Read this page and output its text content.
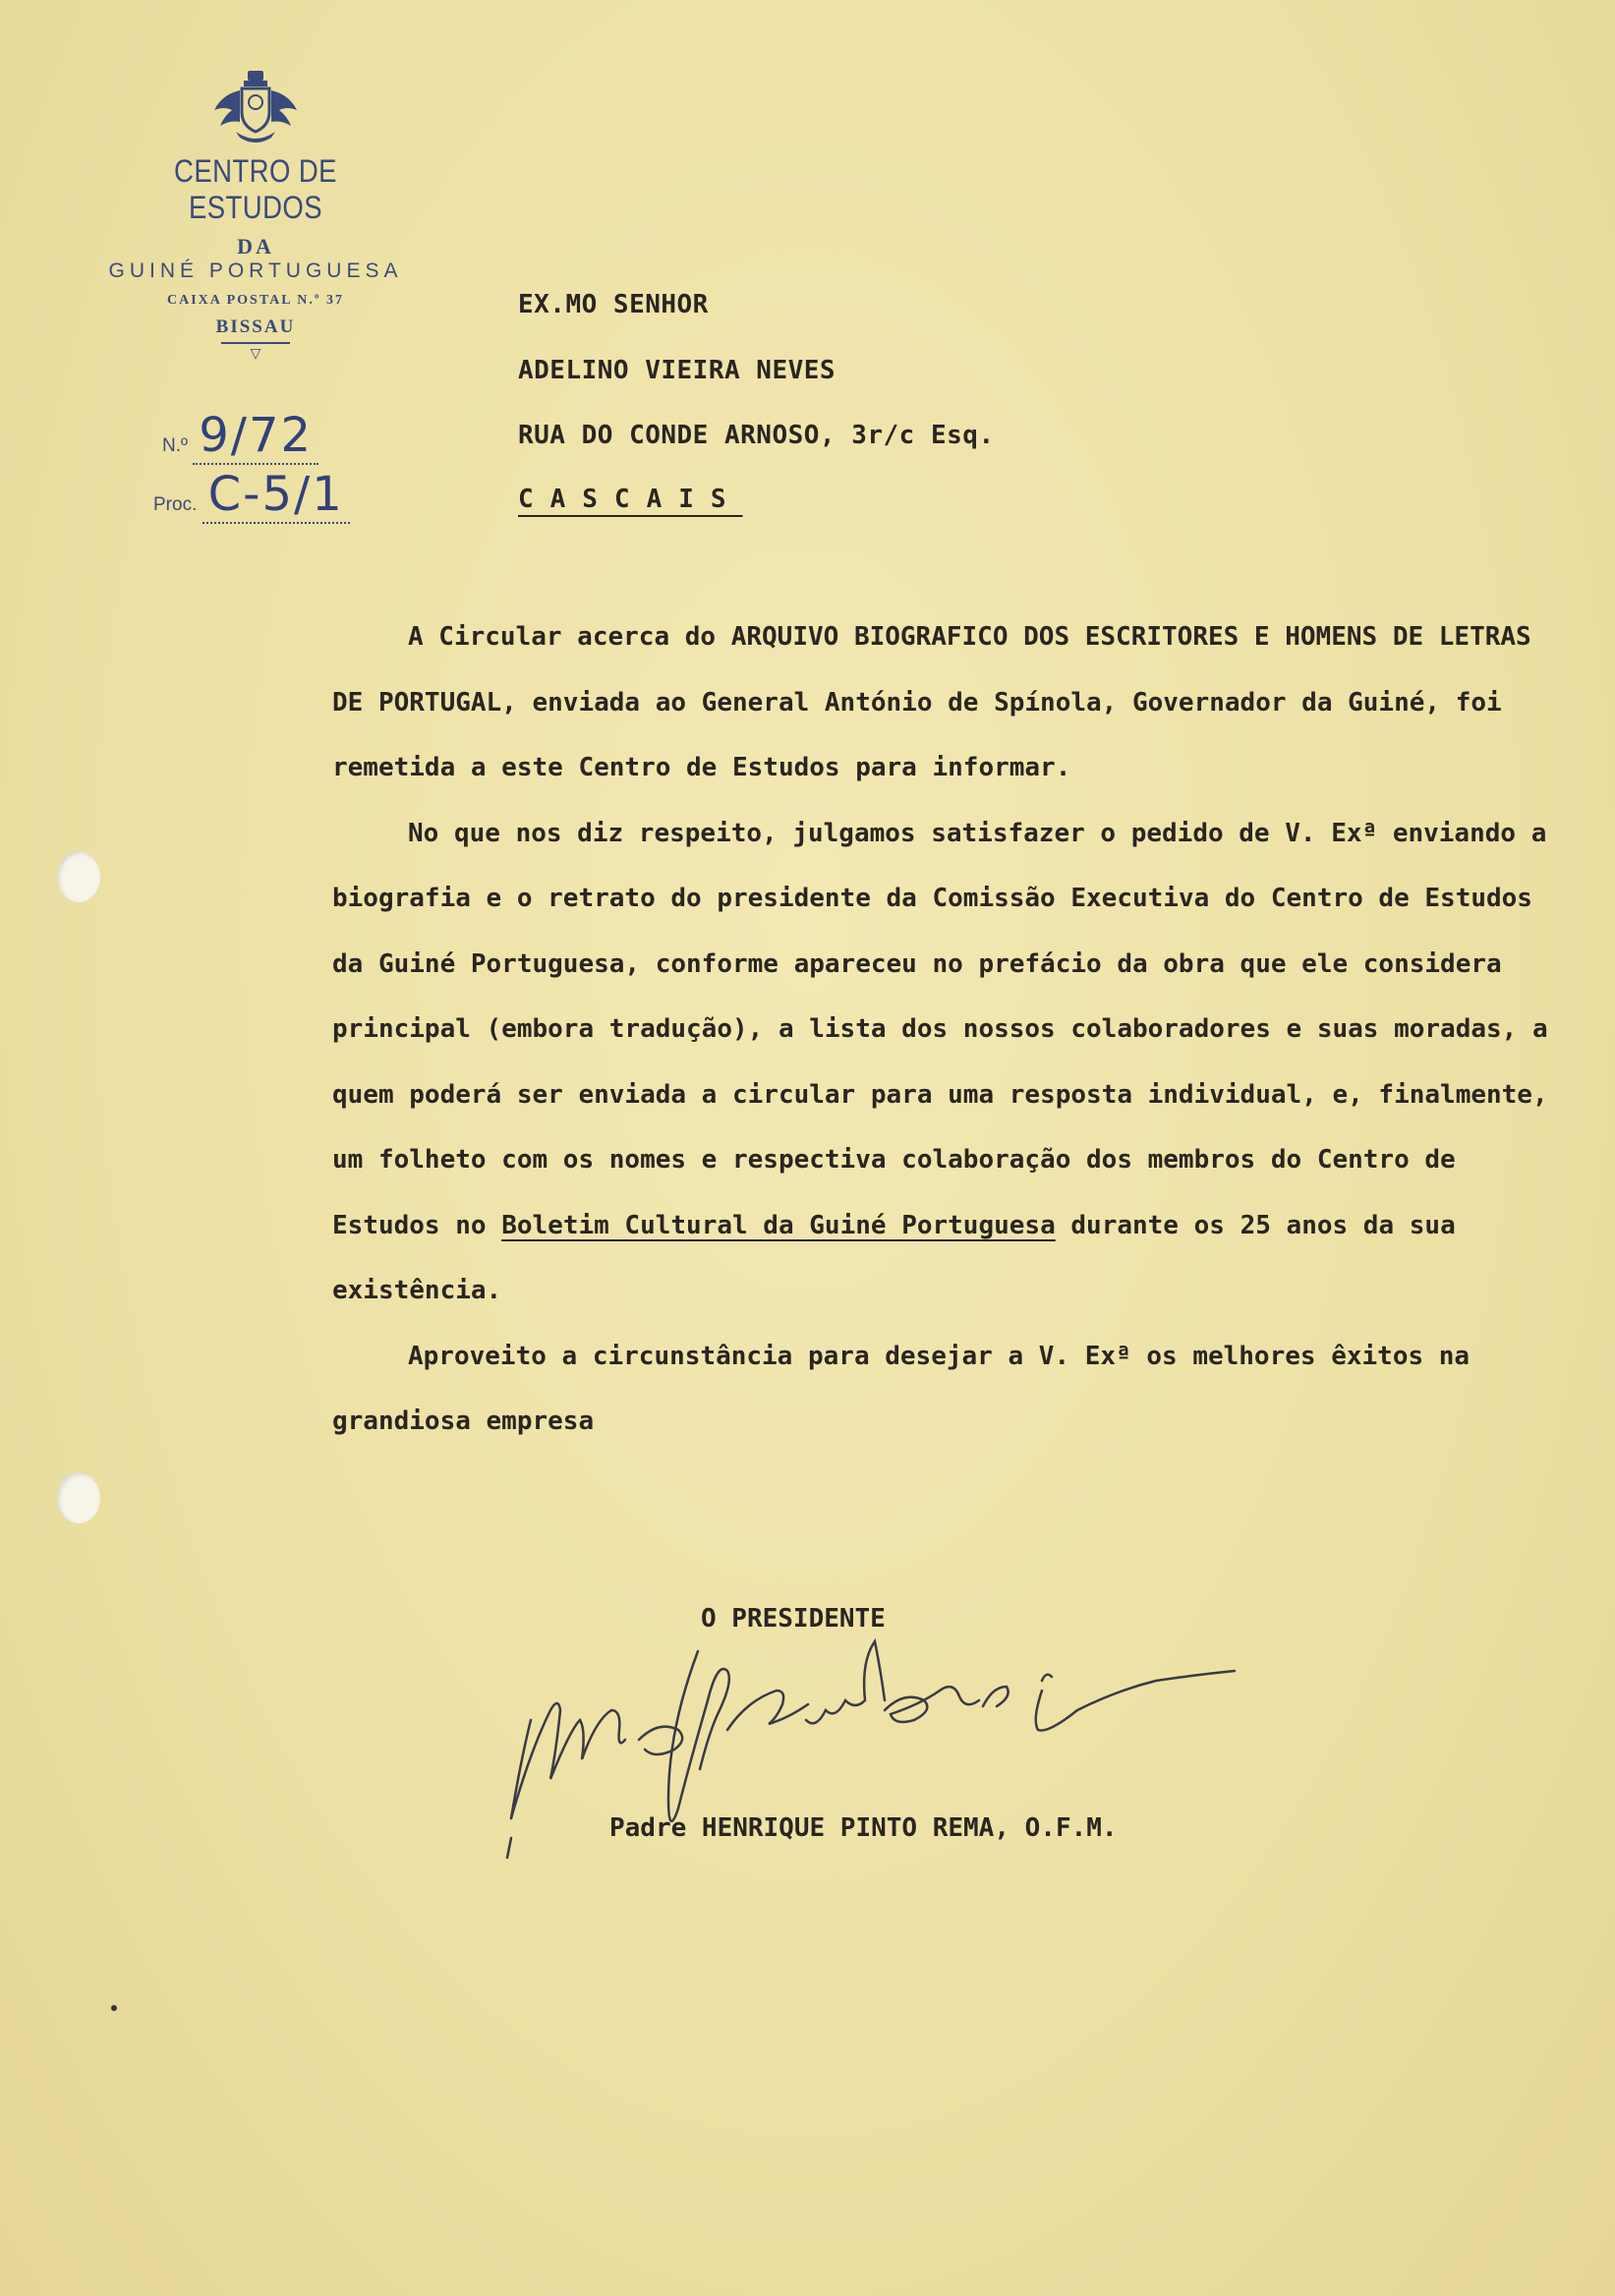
CENTRO DE ESTUDOS
DA
GUINÉ PORTUGUESA
CAIXA POSTAL N.º 37
BISSAU
▽
N.º 9/72
Proc. C-5/1
EX.MO SENHOR
ADELINO VIEIRA NEVES
RUA DO CONDE ARNOSO, 3r/c Esq.
CASCAIS

A Circular acerca do ARQUIVO BIOGRAFICO DOS ESCRITORES E HOMENS DE LETRAS DE PORTUGAL, enviada ao General António de Spínola, Governador da Guiné, foi remetida a este Centro de Estudos para informar.

No que nos diz respeito, julgamos satisfazer o pedido de V. Exª enviando a biografia e o retrato do presidente da Comissão Executiva do Centro de Estudos da Guiné Portuguesa, conforme apareceu no prefácio da obra que ele considera principal (embora tradução), a lista dos nossos colaboradores e suas moradas, a quem poderá ser enviada a circular para uma resposta individual, e, finalmente, um folheto com os nomes e respectiva colaboração dos membros do Centro de Estudos no Boletim Cultural da Guiné Portuguesa durante os 25 anos da sua existência.

Aproveito a circunstância para desejar a V. Exª os melhores êxitos na grandiosa empresa

O PRESIDENTE
Padre HENRIQUE PINTO REMA, O.F.M.
